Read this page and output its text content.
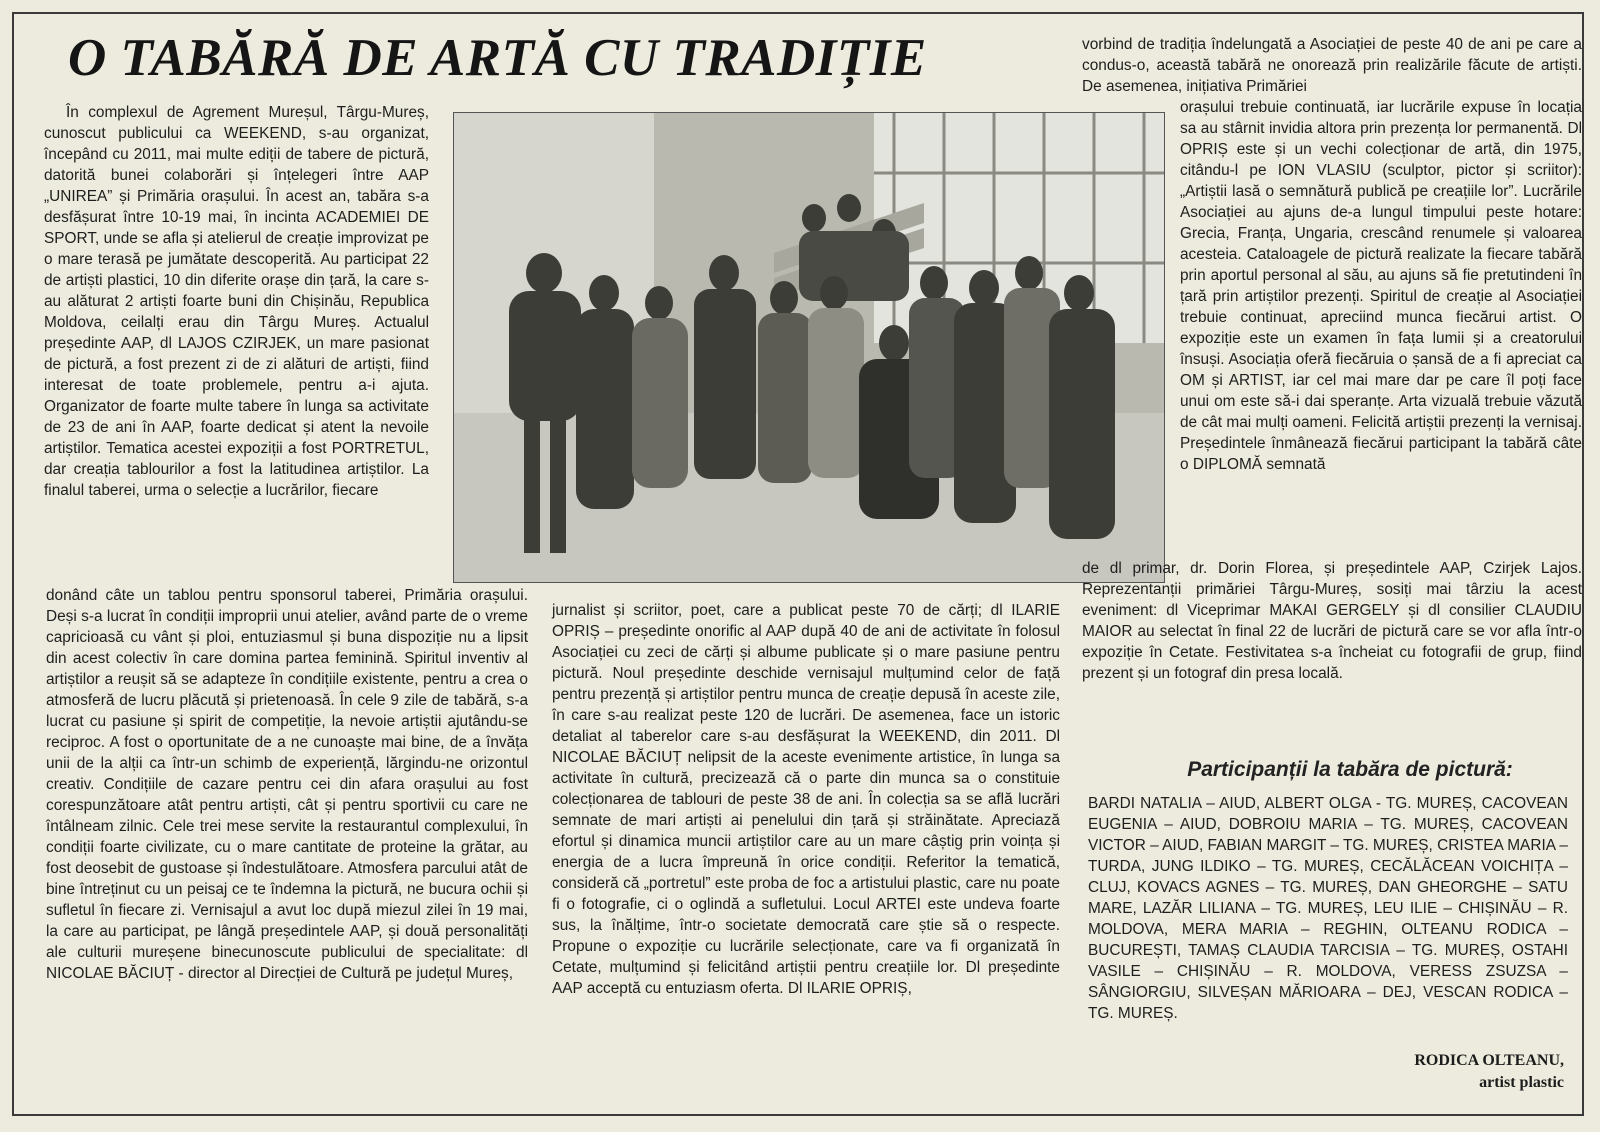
O TABĂRĂ DE ARTĂ CU TRADIȚIE

În complexul de Agrement Mureșul, Târgu-Mureș, cunoscut publicului ca WEEKEND, s-au organizat, începând cu 2011, mai multe ediții de tabere de pictură, datorită bunei colaborări și înțelegeri între AAP „UNIREA” și Primăria orașului. În acest an, tabăra s-a desfășurat între 10-19 mai, în incinta ACADEMIEI DE SPORT, unde se afla și atelierul de creație improvizat pe o mare terasă pe jumătate descoperită. Au participat 22 de artiști plastici, 10 din diferite orașe din țară, la care s-au alăturat 2 artiști foarte buni din Chișinău, Republica Moldova, ceilalți erau din Târgu Mureș. Actualul președinte AAP, dl LAJOS CZIRJEK, un mare pasionat de pictură, a fost prezent zi de zi alături de artiști, fiind interesat de toate problemele, pentru a-i ajuta. Organizator de foarte multe tabere în lunga sa activitate de 23 de ani în AAP, foarte dedicat și atent la nevoile artiștilor. Tematica acestei expoziții a fost PORTRETUL, dar creația tablourilor a fost la latitudinea artiștilor. La finalul taberei, urma o selecție a lucrărilor, fiecare

donând câte un tablou pentru sponsorul taberei, Primăria orașului. Deși s-a lucrat în condiții improprii unui atelier, având parte de o vreme capricioasă cu vânt și ploi, entuziasmul și buna dispoziție nu a lipsit din acest colectiv în care domina partea feminină. Spiritul inventiv al artiștilor a reușit să se adapteze în condițiile existente, pentru a crea o atmosferă de lucru plăcută și prietenoasă. În cele 9 zile de tabără, s-a lucrat cu pasiune și spirit de competiție, la nevoie artiștii ajutându-se reciproc. A fost o oportunitate de a ne cunoaște mai bine, de a învăța unii de la alții ca într-un schimb de experiență, lărgindu-ne orizontul creativ. Condițiile de cazare pentru cei din afara orașului au fost corespunzătoare atât pentru artiști, cât și pentru sportivii cu care ne întâlneam zilnic. Cele trei mese servite la restaurantul complexului, în condiții foarte civilizate, cu o mare cantitate de proteine la grătar, au fost deosebit de gustoase și îndestulătoare. Atmosfera parcului atât de bine întreținut cu un peisaj ce te îndemna la pictură, ne bucura ochii și sufletul în fiecare zi. Vernisajul a avut loc după miezul zilei în 19 mai, la care au participat, pe lângă președintele AAP, și două personalități ale culturii mureșene binecunoscute publicului de specialitate: dl NICOLAE BĂCIUȚ - director al Direcției de Cultură pe județul Mureș,

jurnalist și scriitor, poet, care a publicat peste 70 de cărți; dl ILARIE OPRIȘ – președinte onorific al AAP după 40 de ani de activitate în folosul Asociației cu zeci de cărți și albume publicate și o mare pasiune pentru pictură. Noul președinte deschide vernisajul mulțumind celor de față pentru prezență și artiștilor pentru munca de creație depusă în aceste zile, în care s-au realizat peste 120 de lucrări. De asemenea, face un istoric detaliat al taberelor care s-au desfășurat la WEEKEND, din 2011. Dl NICOLAE BĂCIUȚ nelipsit de la aceste evenimente artistice, în lunga sa activitate în cultură, precizează că o parte din munca sa o constituie colecționarea de tablouri de peste 38 de ani. În colecția sa se află lucrări semnate de mari artiști ai penelului din țară și străinătate. Apreciază efortul și dinamica muncii artiștilor care au un mare câștig prin voința și energia de a lucra împreună în orice condiții. Referitor la tematică, consideră că „portretul” este proba de foc a artistului plastic, care nu poate fi o fotografie, ci o oglindă a sufletului. Locul ARTEI este undeva foarte sus, la înălțime, într-o societate democrată care știe să o respecte. Propune o expoziție cu lucrările selecționate, care va fi organizată în Cetate, mulțumind și felicitând artiștii pentru creațiile lor. Dl președinte AAP acceptă cu entuziasm oferta. Dl ILARIE OPRIȘ,

vorbind de tradiția îndelungată a Asociației de peste 40 de ani pe care a condus-o, această tabără ne onorează prin realizările făcute de artiști. De asemenea, inițiativa Primăriei

orașului trebuie continuată, iar lucrările expuse în locația sa au stârnit invidia altora prin prezența lor permanentă. Dl OPRIȘ este și un vechi colecționar de artă, din 1975, citându-l pe ION VLASIU (sculptor, pictor și scriitor): „Artiștii lasă o semnătură publică pe creațiile lor”. Lucrările Asociației au ajuns de-a lungul timpului peste hotare: Grecia, Franța, Ungaria, crescând renumele și valoarea acesteia. Cataloagele de pictură realizate la fiecare tabără prin aportul personal al său, au ajuns să fie pretutindeni în țară prin artiștilor prezenți. Spiritul de creație al Asociației trebuie continuat, apreciind munca fiecărui artist. O expoziție este un examen în fața lumii și a creatorului însuși. Asociația oferă fiecăruia o șansă de a fi apreciat ca OM și ARTIST, iar cel mai mare dar pe care îl poți face unui om este să-i dai speranțe. Arta vizuală trebuie văzută de cât mai mulți oameni. Felicită artiștii prezenți la vernisaj. Președintele înmânează fiecărui participant la tabără câte o DIPLOMĂ semnată

de dl primar, dr. Dorin Florea, și președintele AAP, Czirjek Lajos. Reprezentanții primăriei Târgu-Mureș, sosiți mai târziu la acest eveniment: dl Viceprimar MAKAI GERGELY și dl consilier CLAUDIU MAIOR au selectat în final 22 de lucrări de pictură care se vor afla într-o expoziție în Cetate. Festivitatea s-a încheiat cu fotografii de grup, fiind prezent și un fotograf din presa locală.

Participanții la tabăra de pictură:

BARDI NATALIA – AIUD, ALBERT OLGA - TG. MUREȘ, CACOVEAN EUGENIA – AIUD, DOBROIU MARIA – TG. MUREȘ, CACOVEAN VICTOR – AIUD, FABIAN MARGIT – TG. MUREȘ, CRISTEA MARIA – TURDA, JUNG ILDIKO – TG. MUREȘ, CECĂLĂCEAN VOICHIȚA – CLUJ, KOVACS AGNES – TG. MUREȘ, DAN GHEORGHE – SATU MARE, LAZĂR LILIANA – TG. MUREȘ, LEU ILIE – CHIȘINĂU – R. MOLDOVA, MERA MARIA – REGHIN, OLTEANU RODICA – BUCUREȘTI, TAMAȘ CLAUDIA TARCISIA – TG. MUREȘ, OSTAHI VASILE – CHIȘINĂU – R. MOLDOVA, VERESS ZSUZSA – SÂNGIORGIU, SILVEȘAN MĂRIOARA – DEJ, VESCAN RODICA – TG. MUREȘ.

RODICA OLTEANU,
artist plastic
